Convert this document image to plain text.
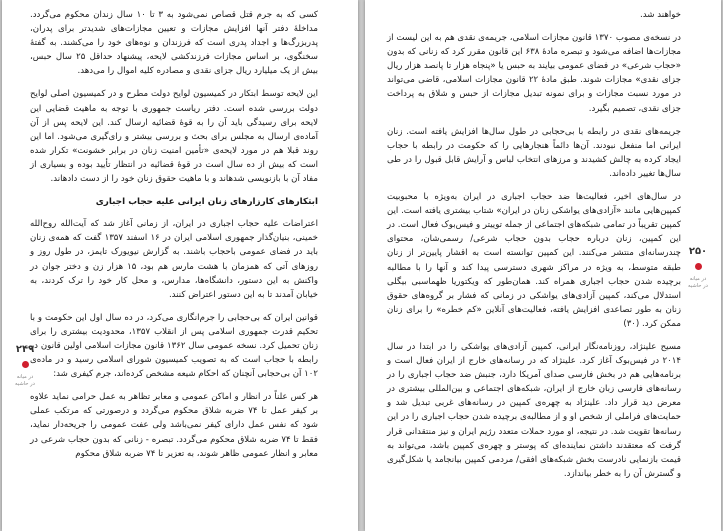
کسی که به جرم قتل قصاص نمی‌شود به ۳ تا ۱۰ سال زندان محکوم می‌گردد. مداخلهٔ دفتر آنها افزایش مجازات و تعیین مجازات‌های شدیدتر برای پدران، پدربزرگ‌ها و اجداد پدری است که فرزندان و نوه‌های خود را می‌کشند. به گفتهٔ سخنگوی، بر اساس مجازات فرزندکشی لایحه، پیشنهاد حداقل ۲۵ سال حبس، بیش از یک میلیارد ریال جزای نقدی و مصادره کلیه اموال را می‌دهد.

این لایحه توسط ابتکار در کمیسیون لوایح دولت مطرح و در کمیسیون اصلی لوایح دولت بررسی شده است. دفتر ریاست جمهوری با توجه به ماهیت قضایی این لایحه برای رسیدگی باید آن را به قوهٔ قضائیه ارسال کند. این لایحه پس از آن آماده‌ی ارسال به مجلس برای بحث و بررسی بیشتر و رای‌گیری می‌شود. اما این روند قبلا هم در مورد لایحه‌ی «تأمین امنیت زنان در برابر خشونت» تکرار شده است که بیش از ده سال است در قوهٔ قضائیه در انتظار تأیید بوده و بسیاری از مفاد آن با بازنویسی شدهاند و با ماهیت حقوق زنان خود را از دست دادهاند.

ابتکارهای کارزارهای زنان ایرانی علیه حجاب اجباری

اعتراضات علیه حجاب اجباری در ایران، از زمانی آغاز شد که آیت‌الله روح‌الله خمینی، بنیان‌گذار جمهوری اسلامی ایران در ۱۶ اسفند ۱۳۵۷ گفت که همه‌ی زنان باید در فضای عمومی باحجاب باشند. به گزارش نیویورک تایمز، در طول روز و روزهای آتی که همزمان با هشت مارس هم بود، ۱۵ هزار زن و دختر جوان در واکنش به این دستور، دانشگاه‌ها، مدارس، و محل کار خود را ترک کردند، به خیابان آمدند تا به این دستور اعتراض کنند.

قوانین ایران که بی‌حجابی را جرم‌انگاری می‌کرد، در ده سال اول این حکومت و با تحکیم قدرت جمهوری اسلامی پس از انقلاب ۱۳۵۷، محدودیت بیشتری را برای زنان تحمیل کرد. نسخه عمومی سال ۱۳۶۲ قانون مجازات اسلامی اولین قانون در رابطه با حجاب است که به تصویب کمیسیون شورای اسلامی رسید و در ماده‌ی ۱۰۲ آن بی‌حجابی آنچنان که احکام شیعه مشخص کرده‌اند، جرم کیفری شد:

هر کس علناً در انظار و اماکن عمومی و معابر تظاهر به عمل حرامی نماید علاوه بر کیفر عمل تا ۷۴ ضربه شلاق محکوم می‌گردد و درصورتی که مرتکب عملی شود که نفس عمل دارای کیفر نمی‌باشد ولی عفت عمومی را جریحه‌دار نماید، فقط تا ۷۴ ضربه شلاق محکوم می‌گردد. تبصره - زنانی که بدون حجاب شرعی در معابر و انظار عمومی ظاهر شوند، به تعزیر تا ۷۴ ضربه شلاق محکوم

۲۴۹
در میانه
در حاشیه

خواهند شد.

در نسخه‌ی مصوب ۱۳۷۰ قانون مجازات اسلامی، جریمه‌ی نقدی هم به این لیست از مجازات‌ها اضافه می‌شود و تبصره مادهٔ ۶۳۸ این قانون مقرر کرد که زنانی که بدون «حجاب شرعی» در فضای عمومی بیایند به حبس یا «پنجاه هزار تا پانصد هزار ریال جزای نقدی» مجازات شوند. طبق مادهٔ ۲۲ قانون مجازات اسلامی، قاضی می‌تواند در مورد نسبت مجازات و برای نمونه تبدیل مجازات از حبس و شلاق به پرداخت جزای نقدی، تصمیم بگیرد.

جریمه‌های نقدی در رابطه با بی‌حجابی در طول سال‌ها افزایش یافته است. زنان ایرانی اما منفعل نبودند. آن‌ها دائماً هنجارهایی را که حکومت در رابطه با حجاب ایجاد کرده به چالش کشیدند و مرزهای انتخاب لباس و آرایش قابل قبول را در طی سال‌ها تغییر داده‌اند.

در سال‌های اخیر، فعالیت‌ها ضد حجاب اجباری در ایران به‌ویژه با محبوبیت کمپین‌هایی مانند «آزادی‌های یواشکی زنان در ایران» شتاب بیشتری یافته است. این کمپین تقریباً در تمامی شبکه‌های اجتماعی از جمله توییتر و فیس‌بوک فعال است. در این کمپین، زنان درباره حجاب بدون حجاب شرعی/ رسمی‌شان، محتوای چندرسانه‌ای منتشر می‌کنند. این کمپین توانسته است به اقشار پایین‌تر از زنان طبقه متوسط، به ویژه در مراکز شهری دسترسی پیدا کند و آنها را با مطالبه برچیده شدن حجاب اجباری همراه کند. همان‌طور که ویکتوریا ظهماسبی بیگلی استدلال می‌کند، کمپین آزادی‌های یواشکی در زمانی که فشار بر گروه‌های حقوق زنان به طور تصاعدی افزایش یافته، فعالیت‌های آنلاین «کم خطره» را برای زنان ممکن کرد. (۳۰)

مسیح علینژاد، روزنامه‌نگار ایرانی، کمپین آزادی‌های یواشکی را در ابتدا در سال ۲۰۱۴ در فیس‌بوک آغاز کرد. علینژاد که در رسانه‌های خارج از ایران فعال است و برنامه‌هایی هم در بخش فارسی صدای آمریکا دارد، جنبش ضد حجاب اجباری را در رسانه‌های فارسی زبان خارج از ایران، شبکه‌های اجتماعی و بین‌المللی بیشتری در معرض دید قرار داد. علینژاد به چهره‌ی کمپین در رسانه‌های غربی تبدیل شد و حمایت‌های فراملی از شخص او و از مطالبه‌ی برچیده شدن حجاب اجباری را در این رسانه‌ها تقویت شد. در نتیجه، او مورد حملات متعدد رژیم ایران و نیز منتقدانی قرار گرفت که معتقدند داشتن نماینده‌ای که پوستر و چهره‌ی کمپین باشد، می‌تواند به قیمت بازنمایی نادرست بخش شبکه‌های افقی/ مردمی کمپین بیانجامد یا شکل‌گیری و گسترش آن را به خطر بیاندازد.

۲۵۰
در میانه
در حاشیه
